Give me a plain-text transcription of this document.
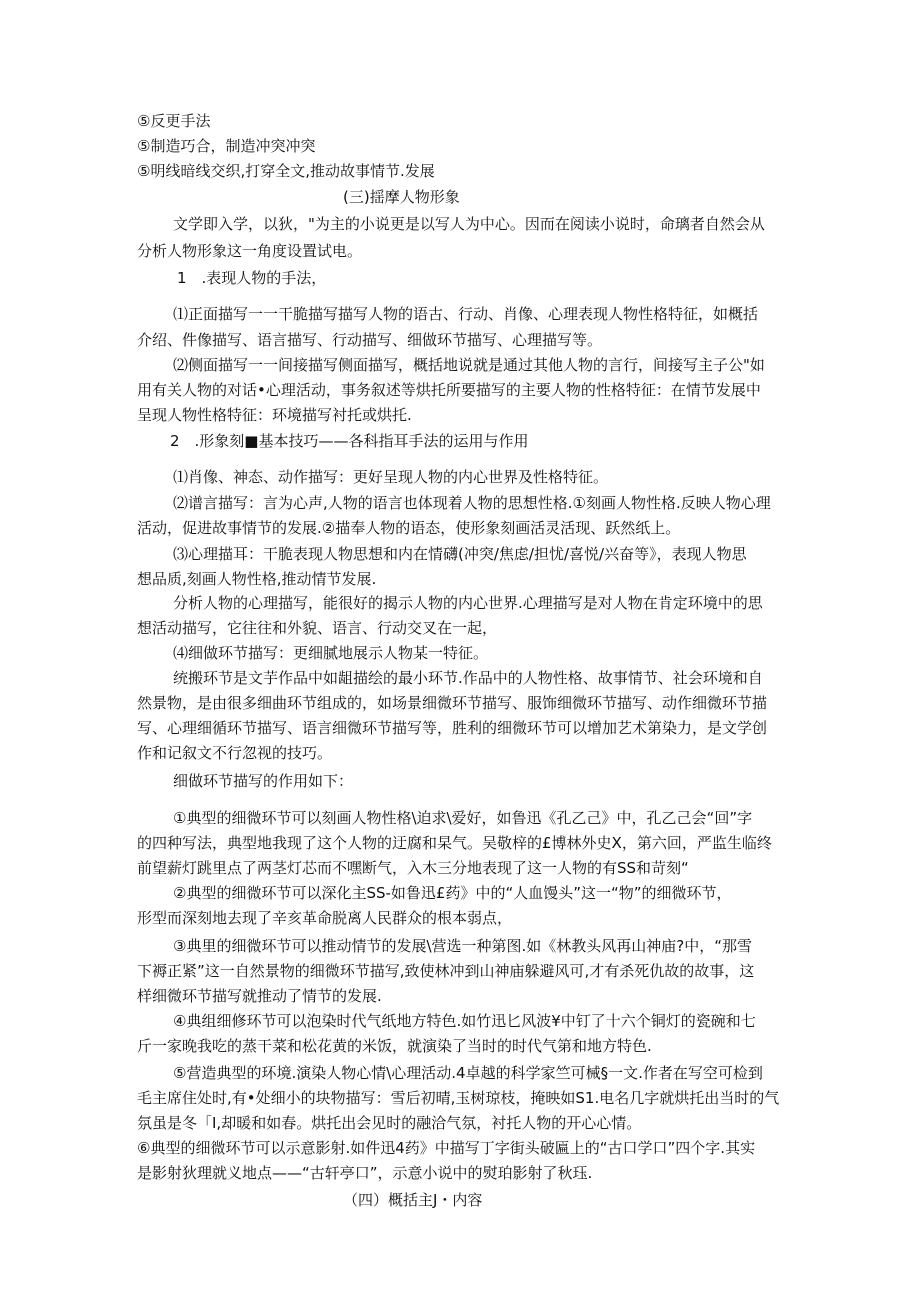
⑤反更手法
⑤制造巧合，制造冲突冲突
⑤明线暗线交织,打穿全文,推动故事情节.发展
(三)揺摩人物形象
文学即入学，以狄，"为主的小说更是以写人为中心。因而在阅读小说时，命璃者自然会从
分析人物形象这一角度设置试电。
1　.表现人物的手法，
⑴正面描写一一干脆描写描写人物的语古、行动、肖像、心理表现人物性格特征，如概括
介绍、件像描写、语言描写、行动描写、细做环节描写、心理描写等。
⑵侧面描写一一间接描写侧面描写，概括地说就是通过其他人物的言行，间接写主子公"如
用有关人物的对话•心理活动，事务叙述等烘托所要描写的主要人物的性格特征：在情节发展中
呈现人物性格特征：环境描写衬托或烘托.
2　.形象刻■基本技巧——各科指耳手法的运用与作用
⑴肖像、神态、动作描写：更好呈现人物的内心世界及性格特征。
⑵谱言描写：言为心声,人物的语言也体现着人物的思想性格.①刻画人物性格.反映人物心理
活动，促进故事情节的发展.②描奉人物的语态，使形象刻画活灵活现、跃然纸上。
⑶心理描耳：干脆表现人物思想和内在情礴(冲突/焦虑/担忧/喜悦/兴奋等》，表现人物思
想品质,刻画人物性格,推动情节发展.
分析人物的心理描写，能很好的揭示人物的内心世界.心理描写是对人物在肯定环境中的思
想活动描写，它往往和外貌、语言、行动交叉在一起，
⑷细做环节描写：更细腻地展示人物某一特征。
统搬环节是文芋作品中如龃描绘的最小环节.作品中的人物性格、故事情节、社会环境和自
然景物，是由很多细曲环节组成的，如场景细微环节描写、服饰细微环节描写、动作细微环节描
写、心理细循环节描写、语言细微环节描写等，胜利的细微环节可以增加艺术第染力，是文学创
作和记叙文不行忽视的技巧。
细做环节描写的作用如下：
①典型的细微环节可以刻画人物性格\迫求\爱好，如鲁迅《孔乙己》中，孔乙己会“回”字
的四种写法，典型地我现了这个人物的迂腐和杲气。吴敬梓的£博林外史X，第六回，严监生临终
前望薪灯跳里点了两茎灯芯而不嘿断气，入木三分地表现了这一人物的有SS和苛刻“
②典型的细微环节可以深化主SS-如鲁迅£药》中的“人血馒头”这一“物”的细微环节，
形型而深刻地去现了辛亥革命脱离人民群众的根本弱点，
③典里的细微环节可以推动情节的发展\营选一种第图.如《林教头风再山神庙?中，“那雪
下褥正紧”这一自然景物的细微环节描写,致使林冲到山神庙躲避风可,才有杀死仇故的故事，这
样细微环节描写就推动了情节的发展.
④典组细修环节可以泡染时代气纸地方特色.如竹迅匕风波¥中钉了十六个铜灯的瓷碗和七
斤一家晚我吃的蒸干菜和松花黄的米饭，就演染了当时的时代气第和地方特色.
⑤营造典型的环境.演染人物心情\心理活动.4卓越的科学家竺可械§一文.作者在写空可检到
毛主席住处时,有•处细小的块物描写：雪后初晴,玉树琼枝，掩映如S1.电名几字就烘托出当时的气
氛虽是冬「I,却暖和如春。烘托出会见时的融洽气氛，衬托人物的开心心情。
⑥典型的细微环节可以示意影射.如件迅4药》中描写丁字街头破匾上的“古口学口”四个字.其实
是影射狄理就义地点——“古轩亭口”，示意小说中的熨珀影射了秋珏.
（四）概括主J・内容
